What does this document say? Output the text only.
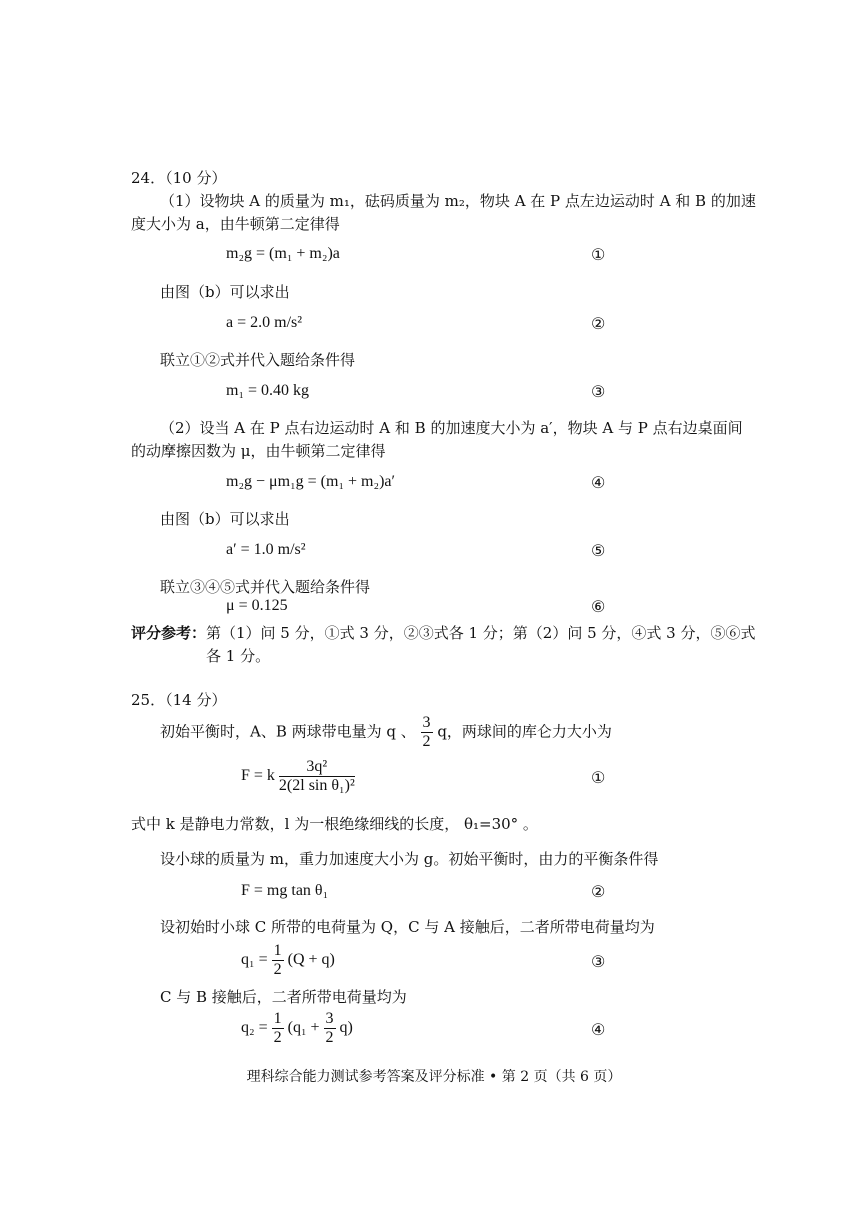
24．（10 分）
（1）设物块 A 的质量为 m₁，砝码质量为 m₂，物块 A 在 P 点左边运动时 A 和 B 的加速
度大小为 a，由牛顿第二定律得
m₂g = (m₁ + m₂)a	①
由图（b）可以求出
a = 2.0 m/s²	②
联立①②式并代入题给条件得
m₁ = 0.40 kg	③
（2）设当 A 在 P 点右边运动时 A 和 B 的加速度大小为 a′，物块 A 与 P 点右边桌面间
的动摩擦因数为 μ，由牛顿第二定律得
m₂g − μm₁g = (m₁ + m₂)a′	④
由图（b）可以求出
a′ = 1.0 m/s²	⑤
联立③④⑤式并代入题给条件得
μ = 0.125	⑥
评分参考： 第（1）问 5 分，①式 3 分，②③式各 1 分；第（2）问 5 分，④式 3 分，⑤⑥式
各 1 分。
25．（14 分）
初始平衡时，A、B 两球带电量为 q 、 $\frac{3}{2}$ q，两球间的库仑力大小为
F = k $\frac{\text{3q²}}{\text{2(2l sin θ₁)²}}$	①
式中 k 是静电力常数，l 为一根绝缘细线的长度， θ₁=30° 。
设小球的质量为 m，重力加速度大小为 g。初始平衡时，由力的平衡条件得
F = mg tan θ₁	②
设初始时小球 C 所带的电荷量为 Q，C 与 A 接触后，二者所带电荷量均为
$q_1 = \frac{1}{2} (Q + q)$	③
C 与 B 接触后，二者所带电荷量均为
$q_2 = \frac{1}{2} (q_1 + \frac{3}{2} q)$	④
理科综合能力测试参考答案及评分标准 • 第 2 页（共 6 页）
